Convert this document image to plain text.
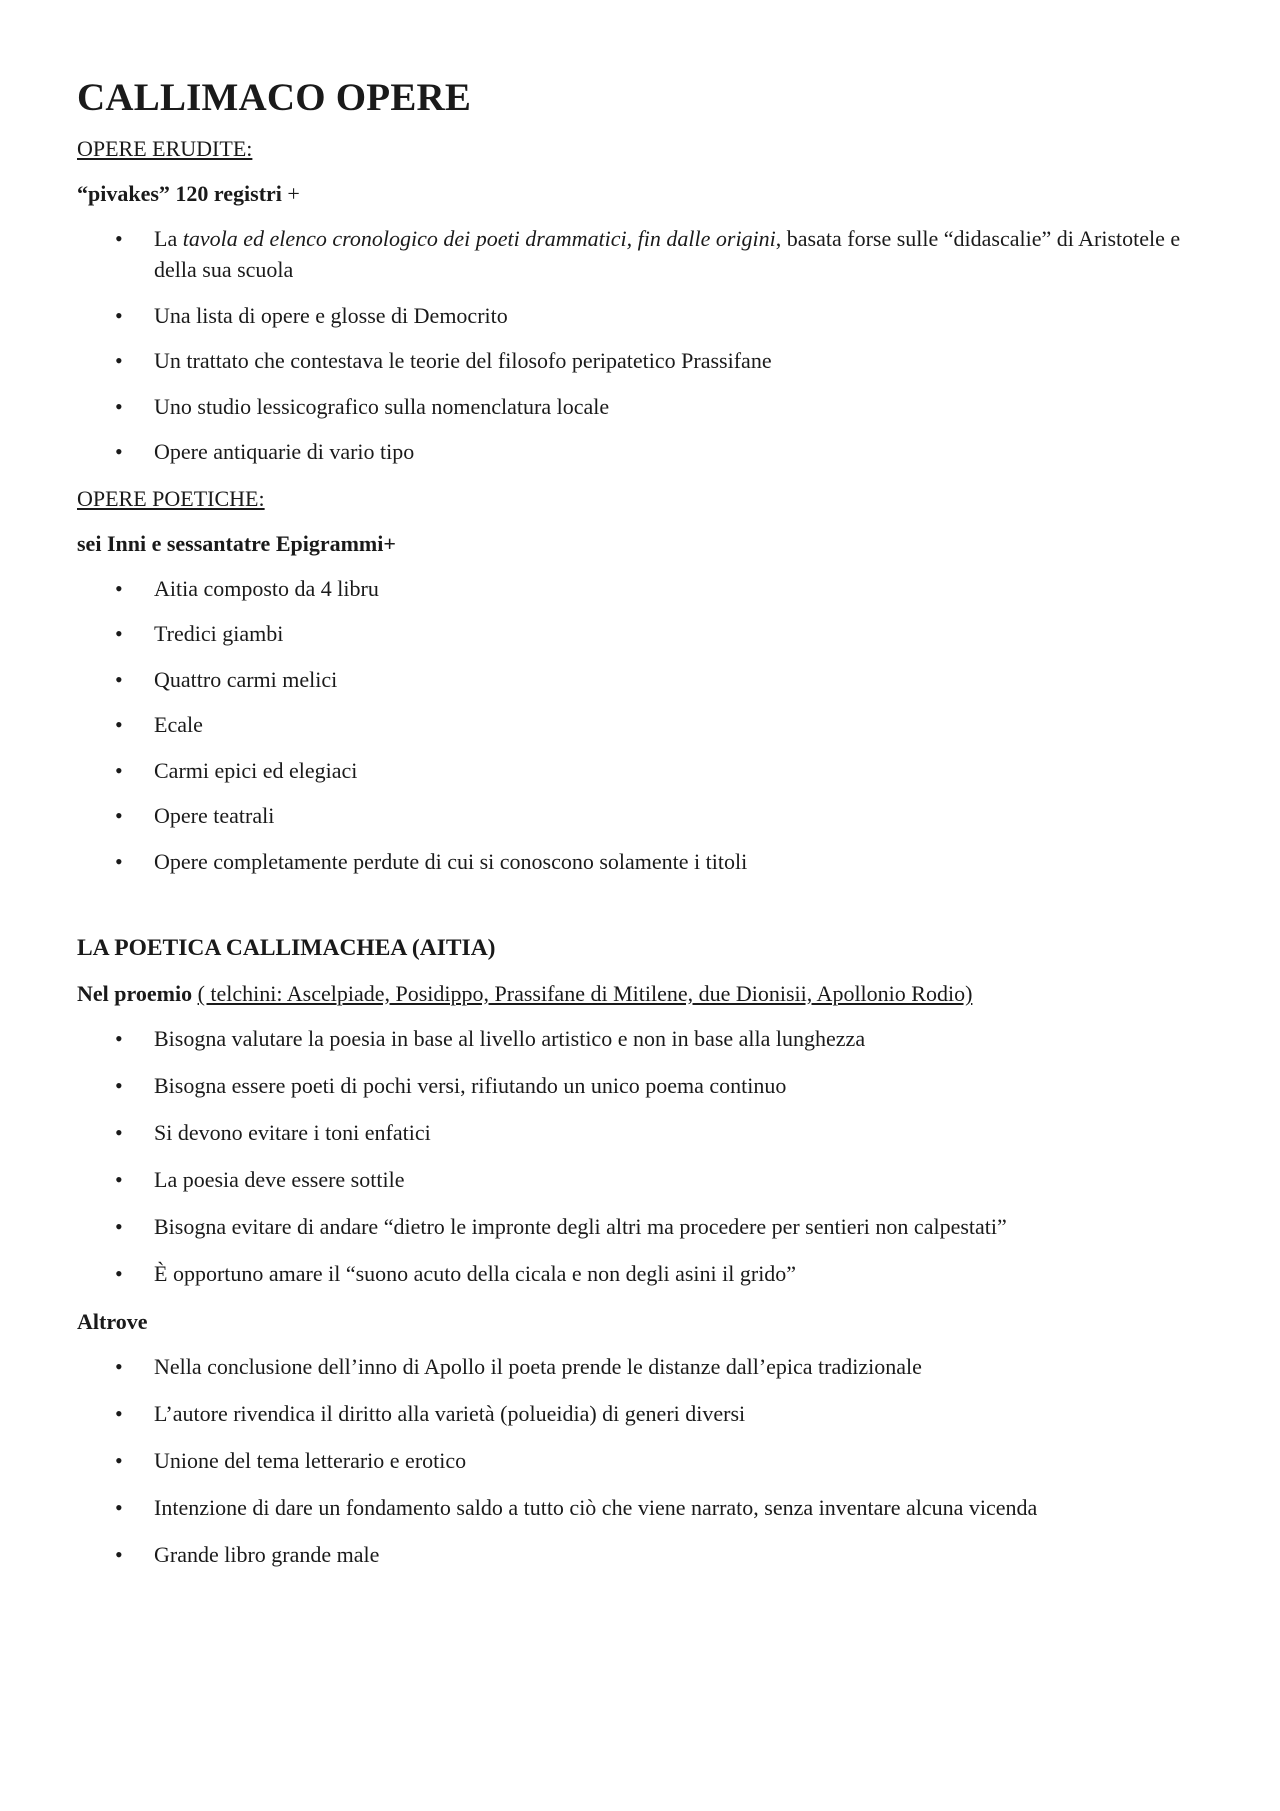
CALLIMACO OPERE
OPERE ERUDITE:
“pivakes” 120 registri +
• La tavola ed elenco cronologico dei poeti drammatici, fin dalle origini, basata forse sulle “didascalie” di Aristotele e della sua scuola
• Una lista di opere e glosse di Democrito
• Un trattato che contestava le teorie del filosofo peripatetico Prassifane
• Uno studio lessicografico sulla nomenclatura locale
• Opere antiquarie di vario tipo
OPERE POETICHE:
sei Inni e sessantatre Epigrammi+
• Aitia composto da 4 libru
• Tredici giambi
• Quattro carmi melici
• Ecale
• Carmi epici ed elegiaci
• Opere teatrali
• Opere completamente perdute di cui si conoscono solamente i titoli
LA POETICA CALLIMACHEA (AITIA)
Nel proemio ( telchini: Ascelpiade, Posidippo, Prassifane di Mitilene, due Dionisii, Apollonio Rodio)
• Bisogna valutare la poesia in base al livello artistico e non in base alla lunghezza
• Bisogna essere poeti di pochi versi, rifiutando un unico poema continuo
• Si devono evitare i toni enfatici
• La poesia deve essere sottile
• Bisogna evitare di andare “dietro le impronte degli altri ma procedere per sentieri non calpestati”
• È opportuno amare il “suono acuto della cicala e non degli asini il grido”
Altrove
• Nella conclusione dell’inno di Apollo il poeta prende le distanze dall’epica tradizionale
• L’autore rivendica il diritto alla varietà (polueidia) di generi diversi
• Unione del tema letterario e erotico
• Intenzione di dare un fondamento saldo a tutto ciò che viene narrato, senza inventare alcuna vicenda
• Grande libro grande male
